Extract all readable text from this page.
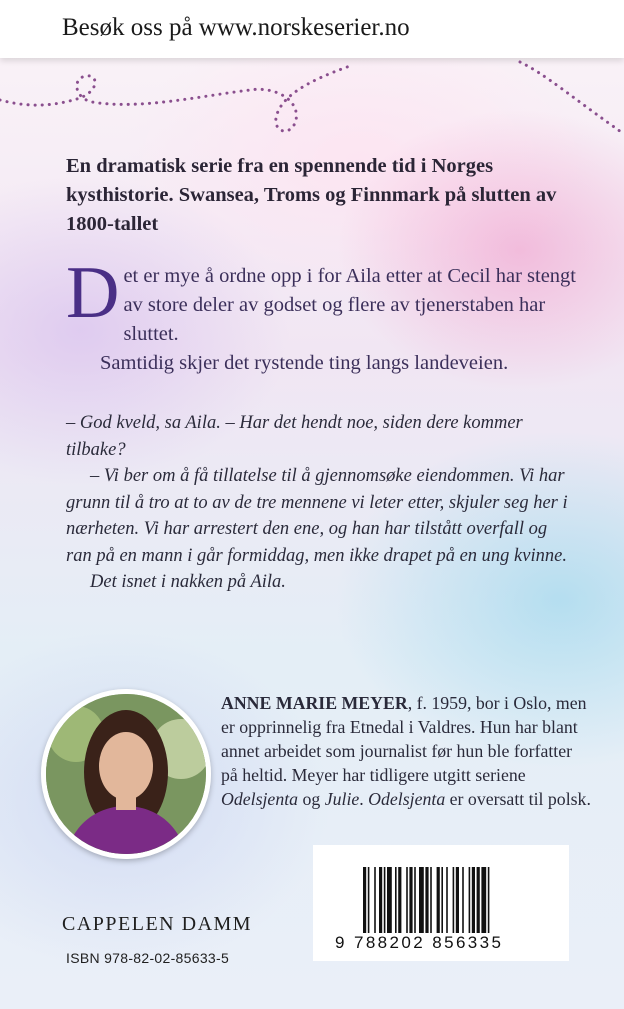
Besøk oss på www.norskeserier.no

En dramatisk serie fra en spennende tid i Norges kysthistorie. Swansea, Troms og Finnmark på slutten av 1800-tallet

D et er mye å ordne opp i for Aila etter at Cecil har stengt av store deler av godset og flere av tjenerstaben har sluttet.

Samtidig skjer det rystende ting langs landeveien.

– God kveld, sa Aila. – Har det hendt noe, siden dere kommer tilbake?

– Vi ber om å få tillatelse til å gjennomsøke eiendommen. Vi har grunn til å tro at to av de tre mennene vi leter etter, skjuler seg her i nærheten. Vi har arrestert den ene, og han har tilstått overfall og ran på en mann i går formiddag, men ikke drapet på en ung kvinne.

Det isnet i nakken på Aila.

ANNE MARIE MEYER, f. 1959, bor i Oslo, men er opprinnelig fra Etnedal i Valdres. Hun har blant annet arbeidet som journalist før hun ble forfatter på heltid. Meyer har tidligere utgitt seriene Odelsjenta og Julie. Odelsjenta er oversatt til polsk.

9 788202 856335
CAPPELEN DAMM
ISBN 978-82-02-85633-5
